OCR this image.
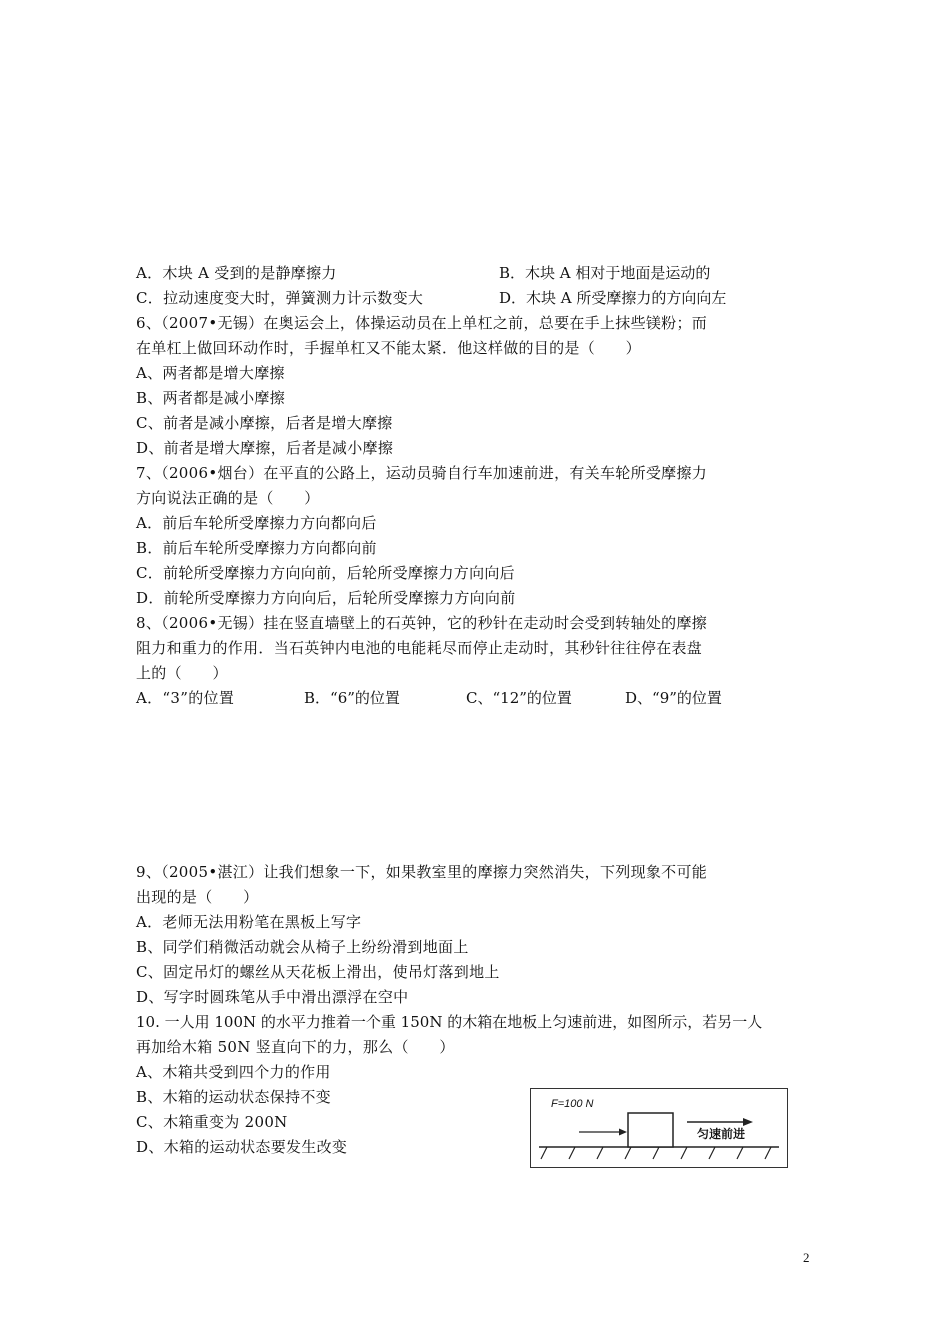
A．木块 A 受到的是静摩擦力	B．木块 A 相对于地面是运动的
C．拉动速度变大时，弹簧测力计示数变大	D．木块 A 所受摩擦力的方向向左
6、（2007•无锡）在奥运会上，体操运动员在上单杠之前，总要在手上抹些镁粉；而
在单杠上做回环动作时，手握单杠又不能太紧．他这样做的目的是（　　）
A、两者都是增大摩擦
B、两者都是减小摩擦
C、前者是减小摩擦，后者是增大摩擦
D、前者是增大摩擦，后者是减小摩擦
7、（2006•烟台）在平直的公路上，运动员骑自行车加速前进，有关车轮所受摩擦力
方向说法正确的是（　　）
A．前后车轮所受摩擦力方向都向后
B．前后车轮所受摩擦力方向都向前
C．前轮所受摩擦力方向向前，后轮所受摩擦力方向向后
D．前轮所受摩擦力方向向后，后轮所受摩擦力方向向前
8、（2006•无锡）挂在竖直墙壁上的石英钟，它的秒针在走动时会受到转轴处的摩擦
阻力和重力的作用．当石英钟内电池的电能耗尽而停止走动时，其秒针往往停在表盘
上的（　　）
A．“3”的位置	B．“6”的位置	C、“12”的位置	D、“9”的位置
9、（2005•湛江）让我们想象一下，如果教室里的摩擦力突然消失，下列现象不可能
出现的是（　　）
A．老师无法用粉笔在黑板上写字
B、同学们稍微活动就会从椅子上纷纷滑到地面上
C、固定吊灯的螺丝从天花板上滑出，使吊灯落到地上
D、写字时圆珠笔从手中滑出漂浮在空中
10. 一人用 100N 的水平力推着一个重 150N 的木箱在地板上匀速前进，如图所示，若另一人
再加给木箱 50N 竖直向下的力，那么（　　）
A、木箱共受到四个力的作用
B、木箱的运动状态保持不变
C、木箱重变为 200N
D、木箱的运动状态要发生改变
F=100 N
匀速前进
2
